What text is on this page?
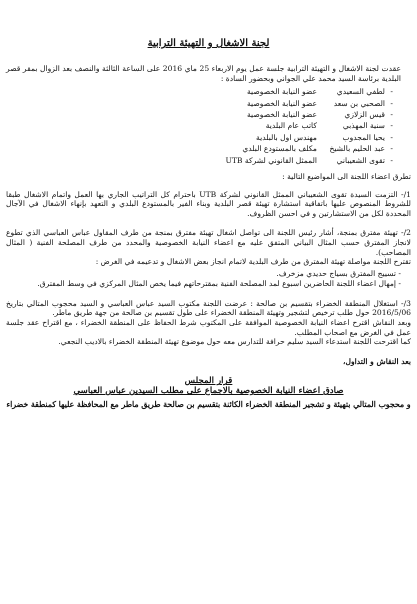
لجنة الاشغال و التهيئة الترابية

عقدت لجنة الاشغال و التهيئة الترابية جلسة عمل يوم الاربعاء 25 ماي 2016 على الساعة الثالثة والنصف بعد الزوال بمقر قصر البلدية برئاسة السيد محمد علي الجواني وبحضور السادة :

-
لطفي السعيدي
عضو النيابة الخصوصية
-
الصحبي بن سعد
عضو النيابة الخصوصية
-
قيس الزلازي
عضو النيابة الخصوصية
-
سنية المهذبي
كاتب عام البلدية
-
يحيا المجدوب
مهندس اول بالبلدية
-
عبد الحليم بالشيخ
مكلف بالمستودع البلدي
-
تقوى الشعيباني
الممثل القانوني لشركة UTB

تطرق اعضاء اللجنة الى المواضيع التالية :

1/- التزمت السيدة تقوى الشعيباني الممثل القانوني لشركة UTB باحترام كل التراتيب الجاري بها العمل واتمام الاشغال طبقا للشروط المنصوص عليها باتفاقية استشارة تهيئة قصر البلدية وبناء الفير بالمستودع البلدي و التعهد بإنهاء الاشغال في الآجال المحددة لكل من الاستشارتين و في احسن الظروف.

2/- تهيئة مفترق بمنجة، أشار رئيس اللجنة الى تواصل اشغال تهيئة مفترق بمنجة من طرف المقاول عباس العباسي الذي تطوع لانجاز المفترق حسب المثال البياني المتفق عليه مع اعضاء النيابة الخصوصية والمحدد من طرف المصلحة الفنية ( المثال المصاحب).

تقترح اللجنة مواصلة تهيئة المفترق من طرف البلدية لاتمام انجاز بعض الاشغال و تدعيمه في الغرض :

- تسييج المفترق بسياج حديدي مزخرف.
- إمهال اعضاء اللجنة الحاضرين اسبوع لمد المصلحة الفنية بمقترحاتهم فيما يخص المثال المركزي في وسط المفترق.

3/- استغلال المنطقة الخضراء بتقسيم بن صالحة : عرضت اللجنة مكتوب السيد عباس العباسي و السيد محجوب المتالي بتاريخ 2016/5/06 حول طلب ترخيص لتشجير وتهيئة المنطقة الخضراء على طول تقسيم بن صالحة من جهة طريق ماطر.

وبعد النقاش اقترح اعضاء النيابة الخصوصية الموافقة على المكتوب شرط الحفاظ على المنطقة الخضراء ، مع اقتراح عقد جلسة عمل في الغرض مع اصحاب المطلب.

كما اقترحت اللجنة استدعاء السيد سليم حرافة للتدارس معه حول موضوع تهيئة المنطقة الخضراء بالاديب النجعي.

بعد النقاش و التداول،

قرار المجلس
صادق اعضاء النيابة الخصوصية بالاجماع على مطلب السيدين عباس العباسي

و محجوب المتالي بتهيئة و تشجير المنطقة الخضراء الكائنة بتقسيم بن صالحة طريق ماطر مع المحافظة عليها كمنطقة خضراء
